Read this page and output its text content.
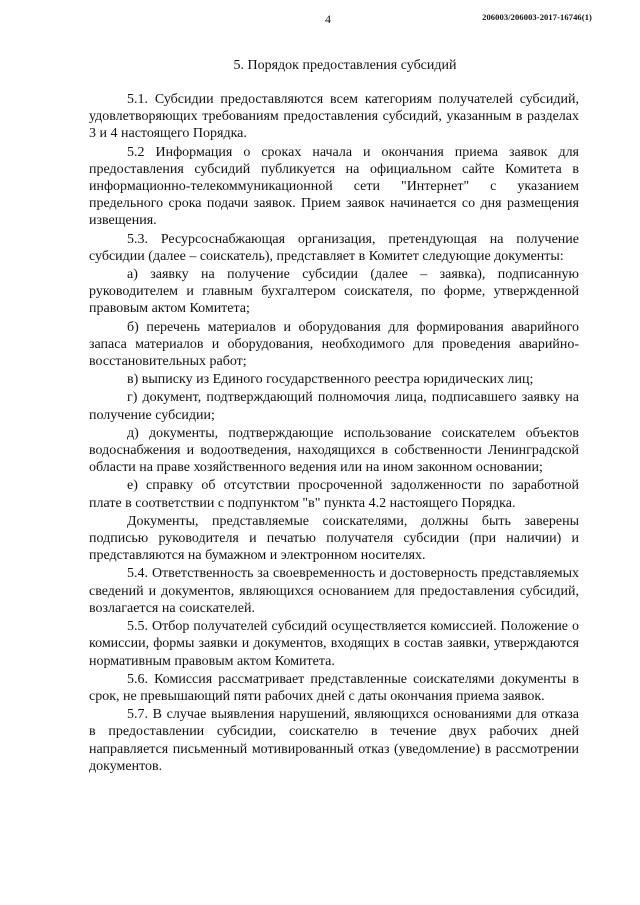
4	206003/206003-2017-16746(1)
5. Порядок предоставления субсидий

5.1. Субсидии предоставляются всем категориям получателей субсидий, удовлетворяющих требованиям предоставления субсидий, указанным в разделах 3 и 4 настоящего Порядка.

5.2 Информация о сроках начала и окончания приема заявок для предоставления субсидий публикуется на официальном сайте Комитета в информационно-телекоммуникационной сети "Интернет" с указанием предельного срока подачи заявок. Прием заявок начинается со дня размещения извещения.

5.3. Ресурсоснабжающая организация, претендующая на получение субсидии (далее – соискатель), представляет в Комитет следующие документы:

а) заявку на получение субсидии (далее – заявка), подписанную руководителем и главным бухгалтером соискателя, по форме, утвержденной правовым актом Комитета;

б) перечень материалов и оборудования для формирования аварийного запаса материалов и оборудования, необходимого для проведения аварийно-восстановительных работ;

в) выписку из Единого государственного реестра юридических лиц;

г) документ, подтверждающий полномочия лица, подписавшего заявку на получение субсидии;

д) документы, подтверждающие использование соискателем объектов водоснабжения и водоотведения, находящихся в собственности Ленинградской области на праве хозяйственного ведения или на ином законном основании;

е) справку об отсутствии просроченной задолженности по заработной плате в соответствии с подпунктом "в" пункта 4.2 настоящего Порядка.

Документы, представляемые соискателями, должны быть заверены подписью руководителя и печатью получателя субсидии (при наличии) и представляются на бумажном и электронном носителях.

5.4. Ответственность за своевременность и достоверность представляемых сведений и документов, являющихся основанием для предоставления субсидий, возлагается на соискателей.

5.5. Отбор получателей субсидий осуществляется комиссией. Положение о комиссии, формы заявки и документов, входящих в состав заявки, утверждаются нормативным правовым актом Комитета.

5.6. Комиссия рассматривает представленные соискателями документы в срок, не превышающий пяти рабочих дней с даты окончания приема заявок.

5.7. В случае выявления нарушений, являющихся основаниями для отказа в предоставлении субсидии, соискателю в течение двух рабочих дней направляется письменный мотивированный отказ (уведомление) в рассмотрении документов.
